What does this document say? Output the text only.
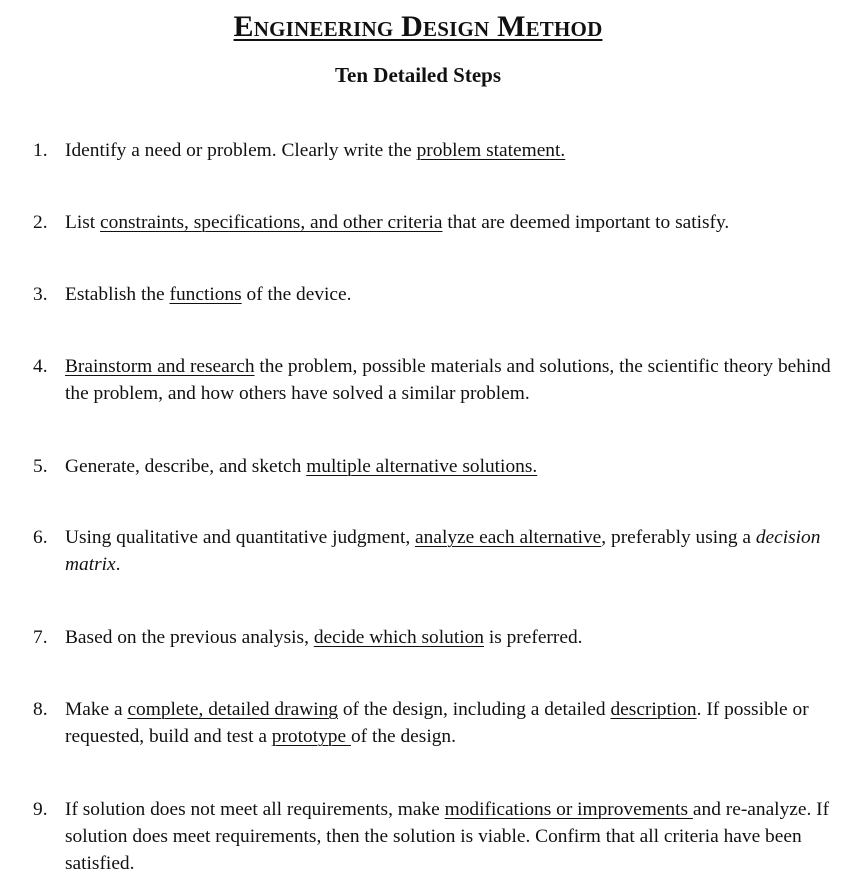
Engineering Design Method
Ten Detailed Steps
1. Identify a need or problem. Clearly write the problem statement.
2. List constraints, specifications, and other criteria that are deemed important to satisfy.
3. Establish the functions of the device.
4. Brainstorm and research the problem, possible materials and solutions, the scientific theory behind the problem, and how others have solved a similar problem.
5. Generate, describe, and sketch multiple alternative solutions.
6. Using qualitative and quantitative judgment, analyze each alternative, preferably using a decision matrix.
7. Based on the previous analysis, decide which solution is preferred.
8. Make a complete, detailed drawing of the design, including a detailed description. If possible or requested, build and test a prototype of the design.
9. If solution does not meet all requirements, make modifications or improvements and re-analyze. If solution does meet requirements, then the solution is viable. Confirm that all criteria have been satisfied.
